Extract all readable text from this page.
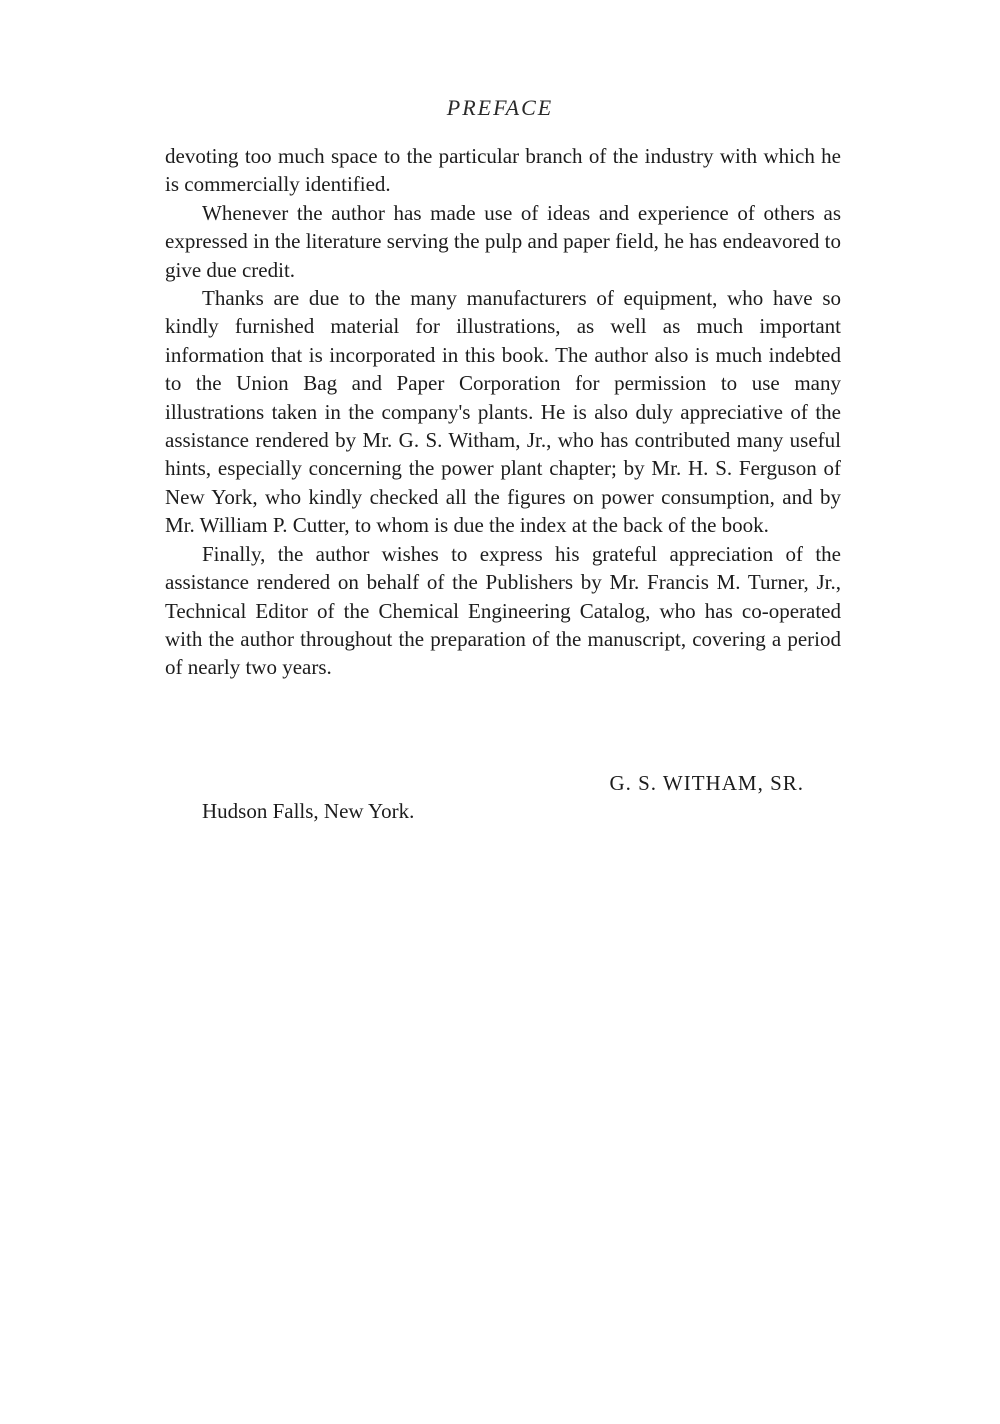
PREFACE

devoting too much space to the particular branch of the industry with which he is commercially identified.

Whenever the author has made use of ideas and experience of others as expressed in the literature serving the pulp and paper field, he has endeavored to give due credit.

Thanks are due to the many manufacturers of equipment, who have so kindly furnished material for illustrations, as well as much important information that is incorporated in this book. The author also is much indebted to the Union Bag and Paper Corporation for permission to use many illustrations taken in the company's plants. He is also duly appreciative of the assistance rendered by Mr. G. S. Witham, Jr., who has contributed many useful hints, especially concerning the power plant chapter; by Mr. H. S. Ferguson of New York, who kindly checked all the figures on power consumption, and by Mr. William P. Cutter, to whom is due the index at the back of the book.

Finally, the author wishes to express his grateful appreciation of the assistance rendered on behalf of the Publishers by Mr. Francis M. Turner, Jr., Technical Editor of the Chemical Engineering Catalog, who has co-operated with the author throughout the preparation of the manuscript, covering a period of nearly two years.

G. S. WITHAM, SR.
Hudson Falls, New York.
